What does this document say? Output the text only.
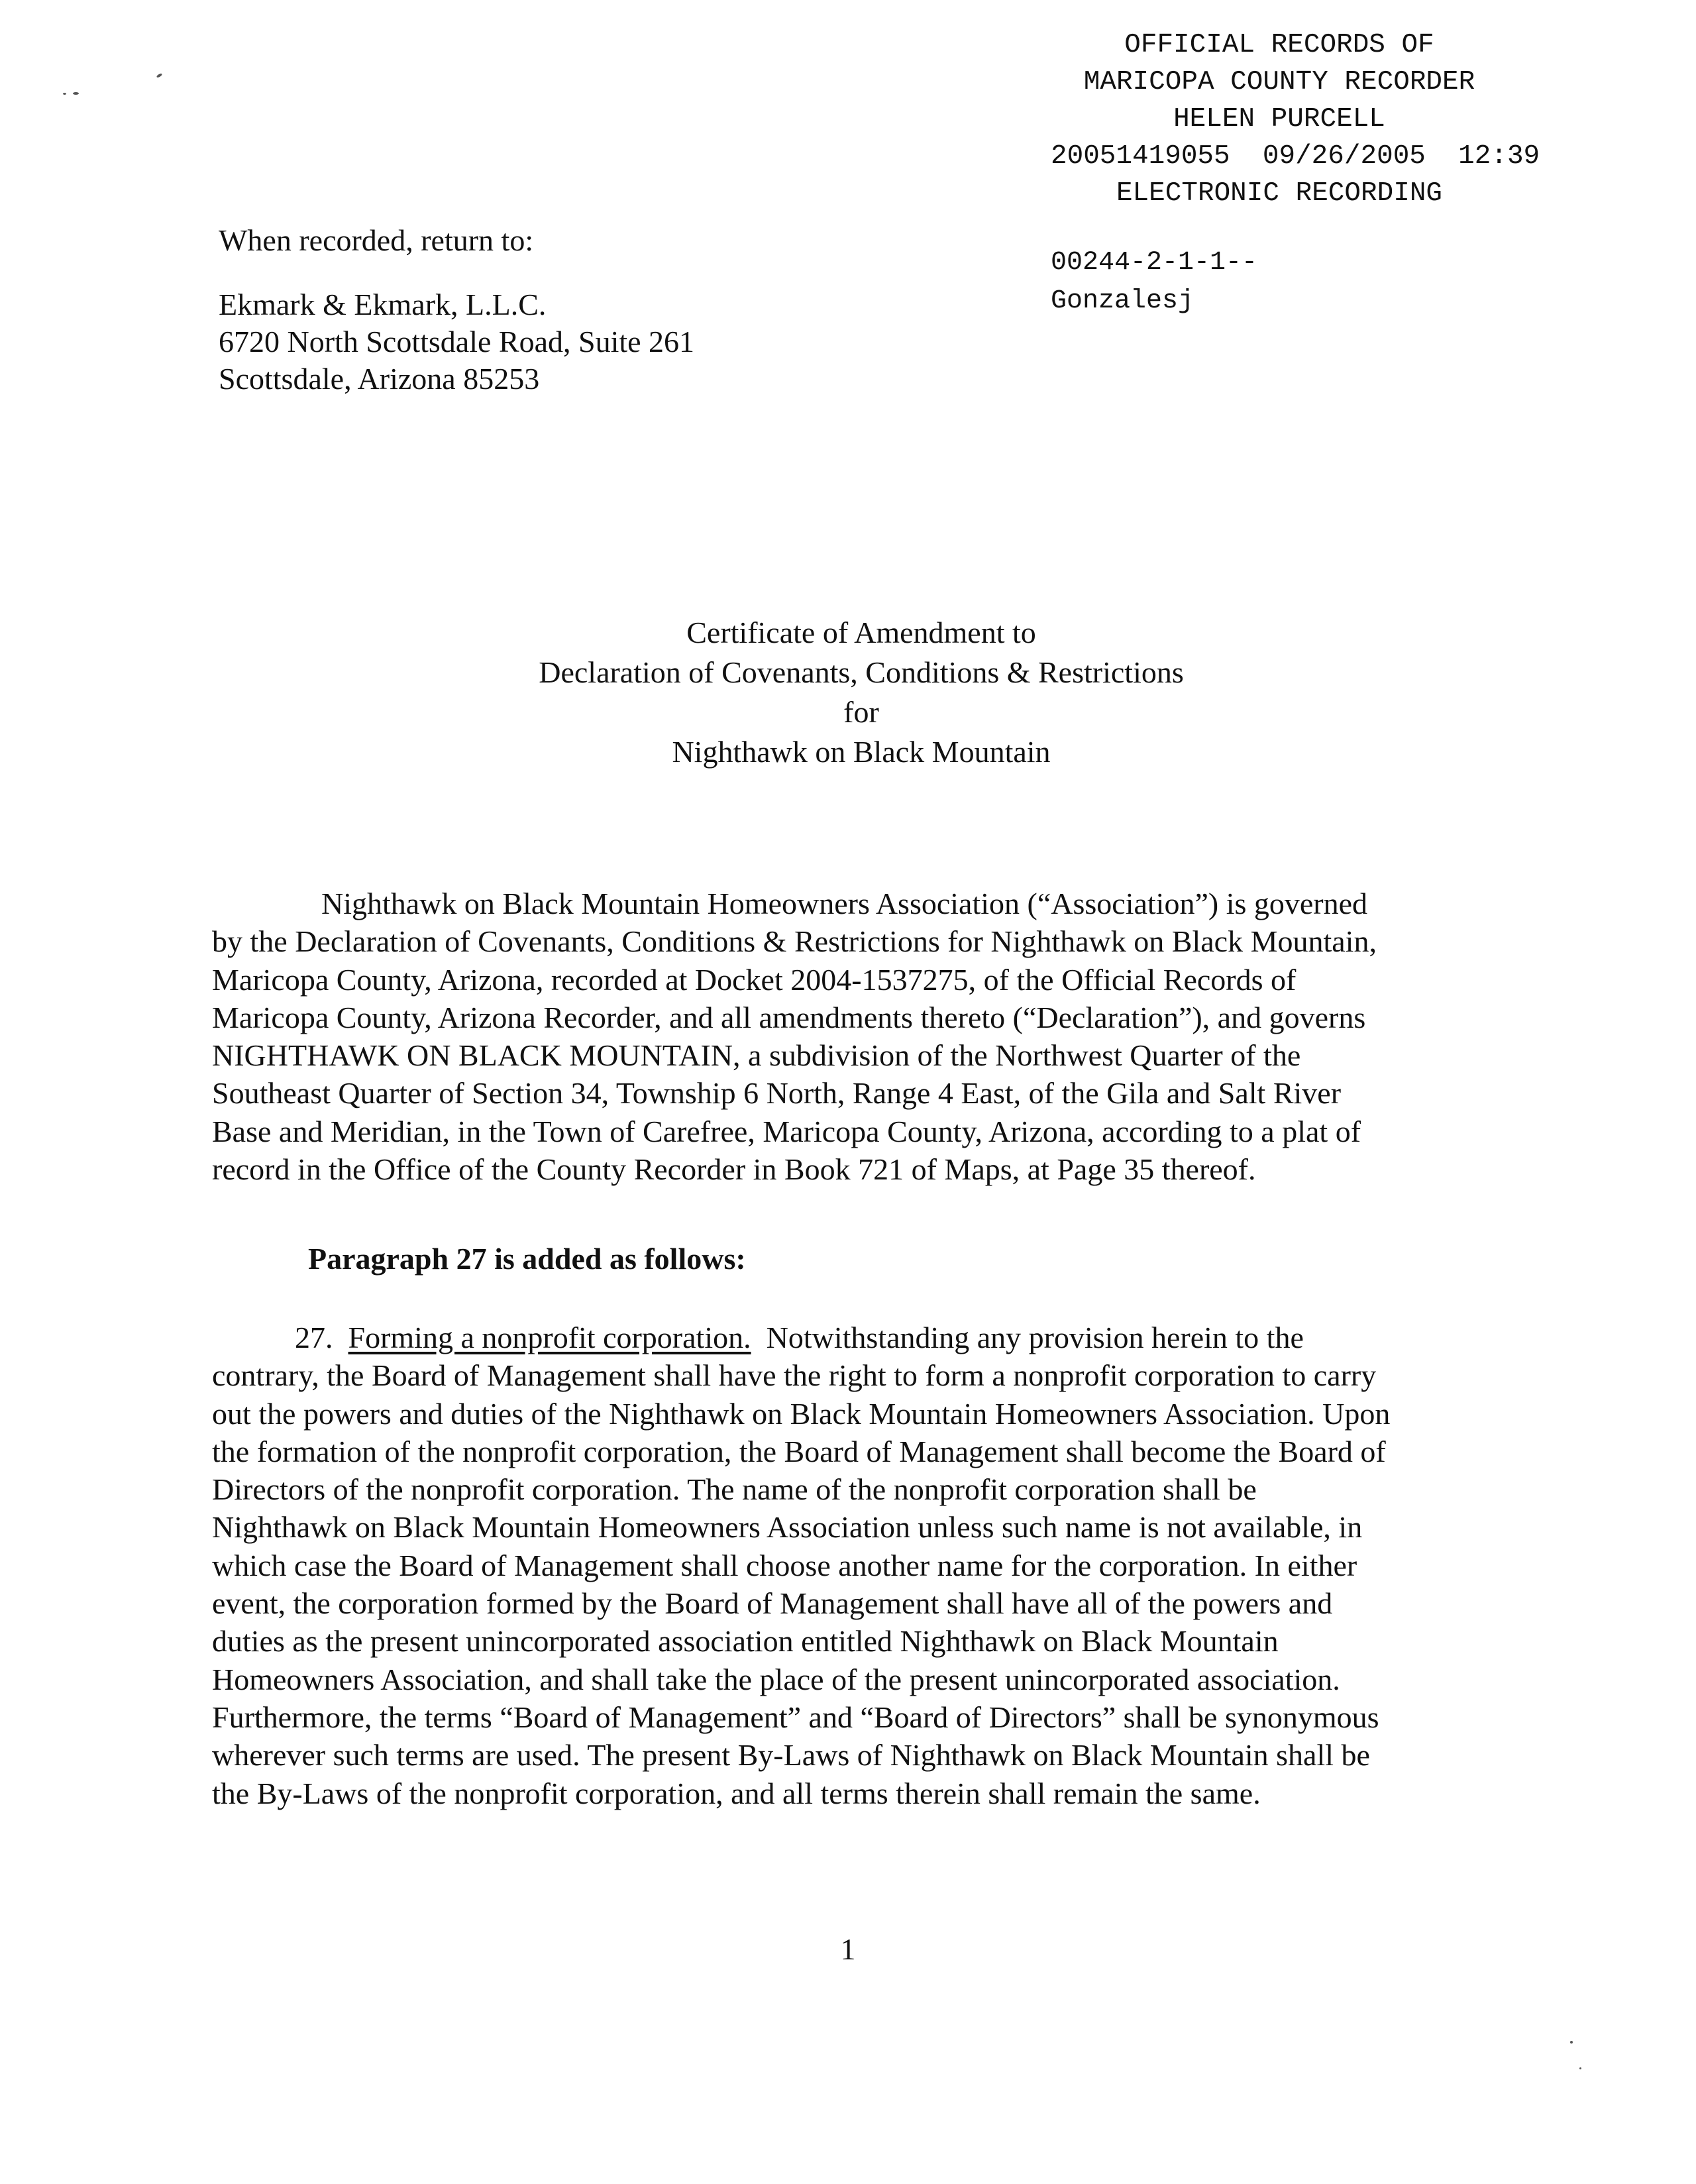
OFFICIAL RECORDS OF
MARICOPA COUNTY RECORDER
HELEN PURCELL
20051419055 09/26/2005 12:39
ELECTRONIC RECORDING
00244-2-1-1--
Gonzalesj
When recorded, return to:
Ekmark & Ekmark, L.L.C.
6720 North Scottsdale Road, Suite 261
Scottsdale, Arizona 85253
Certificate of Amendment to
Declaration of Covenants, Conditions & Restrictions
for
Nighthawk on Black Mountain
Nighthawk on Black Mountain Homeowners Association (“Association”) is governed
by the Declaration of Covenants, Conditions & Restrictions for Nighthawk on Black Mountain,
Maricopa County, Arizona, recorded at Docket 2004-1537275, of the Official Records of
Maricopa County, Arizona Recorder, and all amendments thereto (“Declaration”), and governs
NIGHTHAWK ON BLACK MOUNTAIN, a subdivision of the Northwest Quarter of the
Southeast Quarter of Section 34, Township 6 North, Range 4 East, of the Gila and Salt River
Base and Meridian, in the Town of Carefree, Maricopa County, Arizona, according to a plat of
record in the Office of the County Recorder in Book 721 of Maps, at Page 35 thereof.
Paragraph 27 is added as follows:
27. Forming a nonprofit corporation. Notwithstanding any provision herein to the
contrary, the Board of Management shall have the right to form a nonprofit corporation to carry
out the powers and duties of the Nighthawk on Black Mountain Homeowners Association. Upon
the formation of the nonprofit corporation, the Board of Management shall become the Board of
Directors of the nonprofit corporation. The name of the nonprofit corporation shall be
Nighthawk on Black Mountain Homeowners Association unless such name is not available, in
which case the Board of Management shall choose another name for the corporation. In either
event, the corporation formed by the Board of Management shall have all of the powers and
duties as the present unincorporated association entitled Nighthawk on Black Mountain
Homeowners Association, and shall take the place of the present unincorporated association.
Furthermore, the terms “Board of Management” and “Board of Directors” shall be synonymous
wherever such terms are used. The present By-Laws of Nighthawk on Black Mountain shall be
the By-Laws of the nonprofit corporation, and all terms therein shall remain the same.
1
